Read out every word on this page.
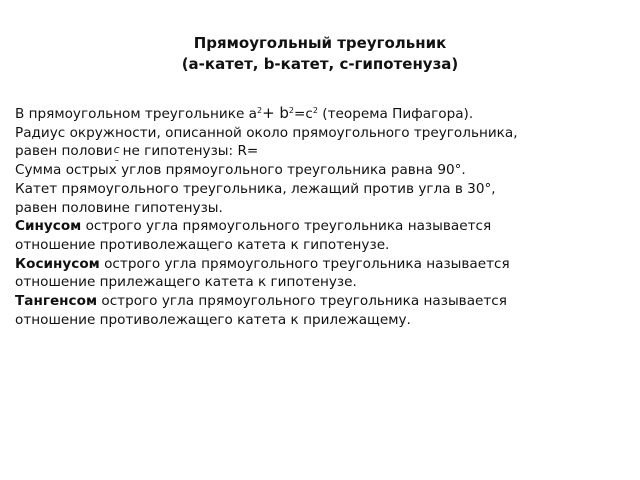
Прямоугольный треугольник
(a-катет, b-катет, c-гипотенуза)
В прямоугольном треугольнике $a^2+ b^2=c^2$ (теорема Пифагора).
Радиус окружности, описанной около прямоугольного треугольника,
равен полови c не гипотенузы: R=
Сумма острых углов прямоугольного треугольника равна 90°.
Катет прямоугольного треугольника, лежащий против угла в 30°,
равен половине гипотенузы.
Синусом острого угла прямоугольного треугольника называется
отношение противолежащего катета к гипотенузе.
Косинусом острого угла прямоугольного треугольника называется
отношение прилежащего катета к гипотенузе.
Тангенсом острого угла прямоугольного треугольника называется
отношение противолежащего катета к прилежащему.
